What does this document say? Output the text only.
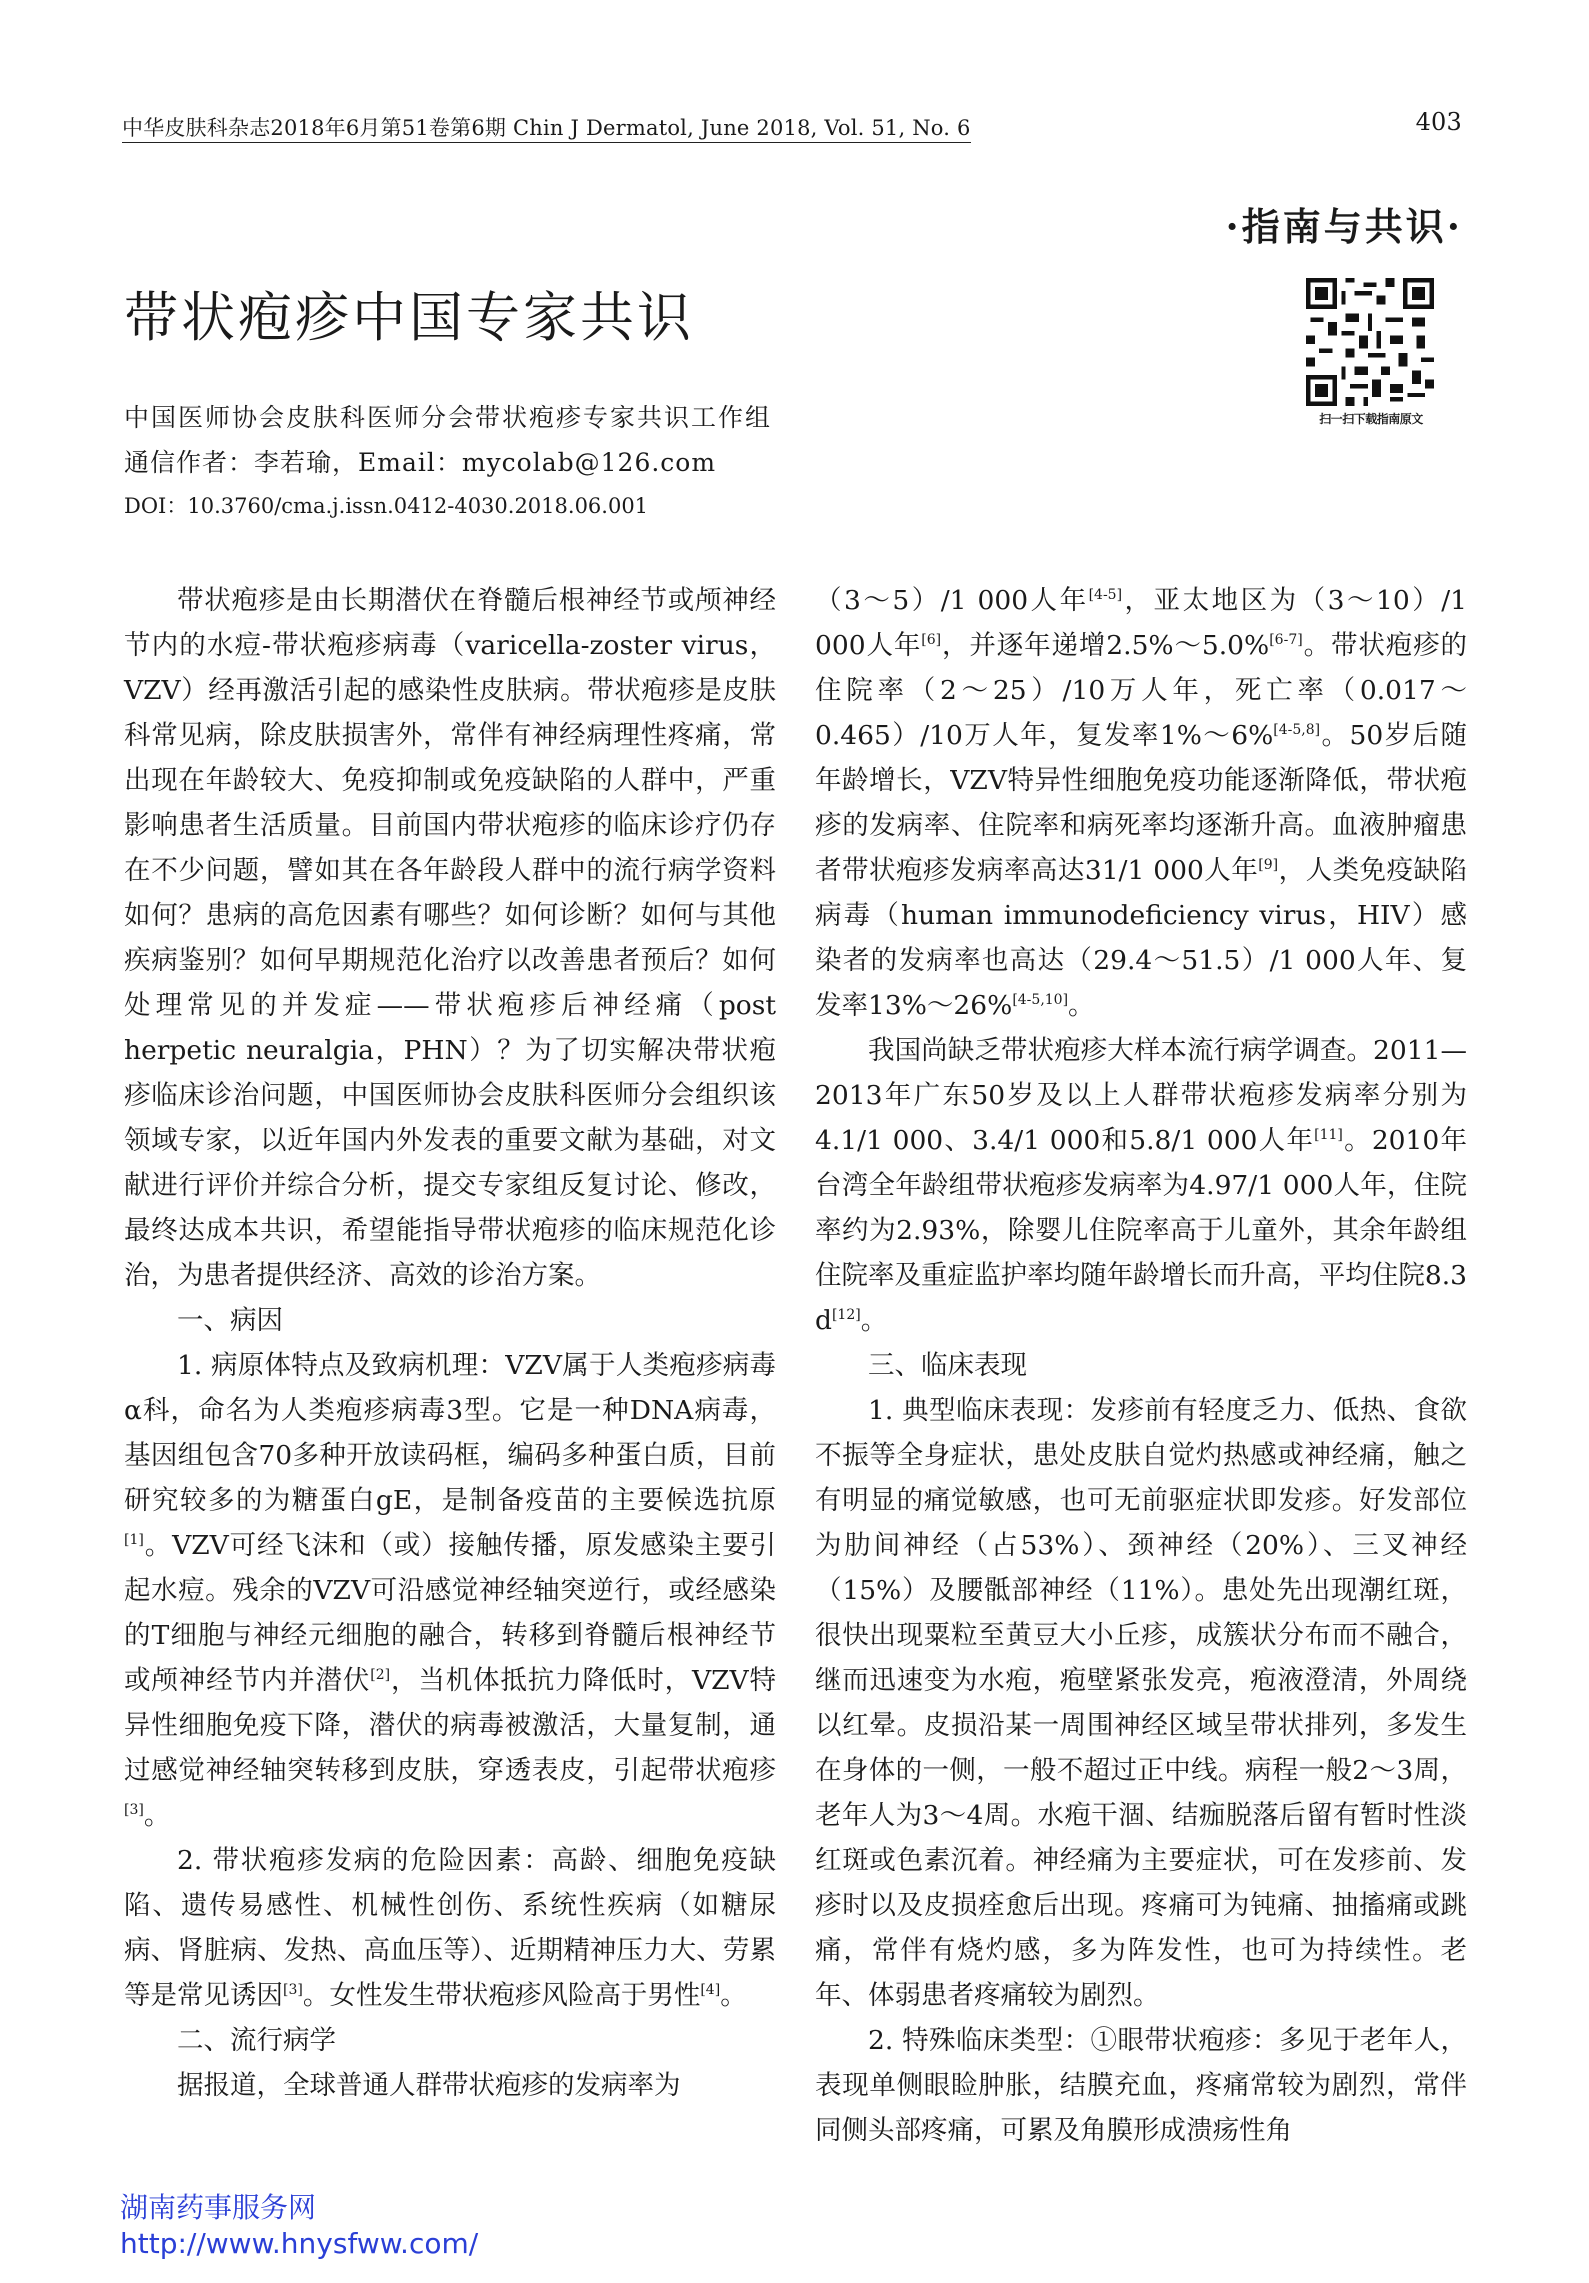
中华皮肤科杂志2018年6月第51卷第6期 Chin J Dermatol, June 2018, Vol. 51, No. 6	403
·指南与共识·
带状疱疹中国专家共识
扫一扫下载指南原文
中国医师协会皮肤科医师分会带状疱疹专家共识工作组
通信作者：李若瑜，Email：mycolab@126.com
DOI：10.3760/cma.j.issn.0412-4030.2018.06.001

带状疱疹是由长期潜伏在脊髓后根神经节或颅神经节内的水痘-带状疱疹病毒（varicella-zoster virus，VZV）经再激活引起的感染性皮肤病。带状疱疹是皮肤科常见病，除皮肤损害外，常伴有神经病理性疼痛，常出现在年龄较大、免疫抑制或免疫缺陷的人群中，严重影响患者生活质量。目前国内带状疱疹的临床诊疗仍存在不少问题，譬如其在各年龄段人群中的流行病学资料如何？患病的高危因素有哪些？如何诊断？如何与其他疾病鉴别？如何早期规范化治疗以改善患者预后？如何处理常见的并发症——带状疱疹后神经痛（post herpetic neuralgia，PHN）？为了切实解决带状疱疹临床诊治问题，中国医师协会皮肤科医师分会组织该领域专家，以近年国内外发表的重要文献为基础，对文献进行评价并综合分析，提交专家组反复讨论、修改，最终达成本共识，希望能指导带状疱疹的临床规范化诊治，为患者提供经济、高效的诊治方案。

一、病因

1. 病原体特点及致病机理：VZV属于人类疱疹病毒α科，命名为人类疱疹病毒3型。它是一种DNA病毒，基因组包含70多种开放读码框，编码多种蛋白质，目前研究较多的为糖蛋白gE，是制备疫苗的主要候选抗原[1]。VZV可经飞沫和（或）接触传播，原发感染主要引起水痘。残余的VZV可沿感觉神经轴突逆行，或经感染的T细胞与神经元细胞的融合，转移到脊髓后根神经节或颅神经节内并潜伏[2]，当机体抵抗力降低时，VZV特异性细胞免疫下降，潜伏的病毒被激活，大量复制，通过感觉神经轴突转移到皮肤，穿透表皮，引起带状疱疹[3]。

2. 带状疱疹发病的危险因素：高龄、细胞免疫缺陷、遗传易感性、机械性创伤、系统性疾病（如糖尿病、肾脏病、发热、高血压等）、近期精神压力大、劳累等是常见诱因[3]。女性发生带状疱疹风险高于男性[4]。

二、流行病学

据报道，全球普通人群带状疱疹的发病率为

（3～5）/1 000人年[4-5]，亚太地区为（3～10）/1 000人年[6]，并逐年递增2.5%～5.0%[6-7]。带状疱疹的住院率（2～25）/10万人年，死亡率（0.017～0.465）/10万人年，复发率1%～6%[4-5,8]。50岁后随年龄增长，VZV特异性细胞免疫功能逐渐降低，带状疱疹的发病率、住院率和病死率均逐渐升高。血液肿瘤患者带状疱疹发病率高达31/1 000人年[9]，人类免疫缺陷病毒（human immunodeficiency virus，HIV）感染者的发病率也高达（29.4～51.5）/1 000人年、复发率13%～26%[4-5,10]。

我国尚缺乏带状疱疹大样本流行病学调查。2011—2013年广东50岁及以上人群带状疱疹发病率分别为4.1/1 000、3.4/1 000和5.8/1 000人年[11]。2010年台湾全年龄组带状疱疹发病率为4.97/1 000人年，住院率约为2.93%，除婴儿住院率高于儿童外，其余年龄组住院率及重症监护率均随年龄增长而升高，平均住院8.3 d[12]。

三、临床表现

1. 典型临床表现：发疹前有轻度乏力、低热、食欲不振等全身症状，患处皮肤自觉灼热感或神经痛，触之有明显的痛觉敏感，也可无前驱症状即发疹。好发部位为肋间神经（占53%）、颈神经（20%）、三叉神经（15%）及腰骶部神经（11%）。患处先出现潮红斑，很快出现粟粒至黄豆大小丘疹，成簇状分布而不融合，继而迅速变为水疱，疱壁紧张发亮，疱液澄清，外周绕以红晕。皮损沿某一周围神经区域呈带状排列，多发生在身体的一侧，一般不超过正中线。病程一般2～3周，老年人为3～4周。水疱干涸、结痂脱落后留有暂时性淡红斑或色素沉着。神经痛为主要症状，可在发疹前、发疹时以及皮损痊愈后出现。疼痛可为钝痛、抽搐痛或跳痛，常伴有烧灼感，多为阵发性，也可为持续性。老年、体弱患者疼痛较为剧烈。

2. 特殊临床类型：①眼带状疱疹：多见于老年人，表现单侧眼睑肿胀，结膜充血，疼痛常较为剧烈，常伴同侧头部疼痛，可累及角膜形成溃疡性角

湖南药事服务网
http://www.hnysfww.com/
